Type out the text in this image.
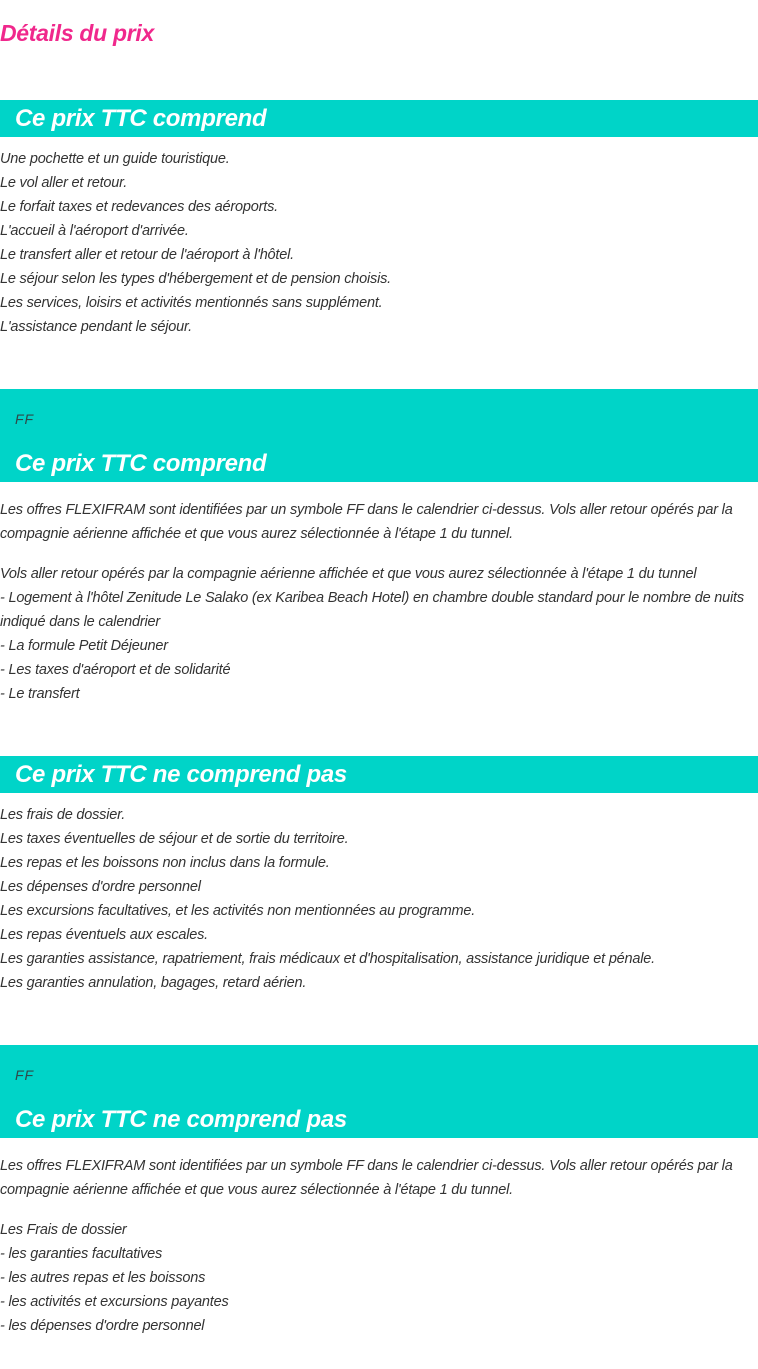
Détails du prix
Ce prix TTC comprend
Une pochette et un guide touristique.
Le vol aller et retour.
Le forfait taxes et redevances des aéroports.
L'accueil à l'aéroport d'arrivée.
Le transfert aller et retour de l'aéroport à l'hôtel.
Le séjour selon les types d'hébergement et de pension choisis.
Les services, loisirs et activités mentionnés sans supplément.
L'assistance pendant le séjour.
FF
Ce prix TTC comprend
Les offres FLEXIFRAM sont identifiées par un symbole FF dans le calendrier ci-dessus. Vols aller retour opérés par la compagnie aérienne affichée et que vous aurez sélectionnée à l'étape 1 du tunnel.
Vols aller retour opérés par la compagnie aérienne affichée et que vous aurez sélectionnée à l'étape 1 du tunnel
- Logement à l'hôtel Zenitude Le Salako (ex Karibea Beach Hotel) en chambre double standard pour le nombre de nuits indiqué dans le calendrier
- La formule Petit Déjeuner
- Les taxes d'aéroport et de solidarité
- Le transfert
Ce prix TTC ne comprend pas
Les frais de dossier.
Les taxes éventuelles de séjour et de sortie du territoire.
Les repas et les boissons non inclus dans la formule.
Les dépenses d'ordre personnel
Les excursions facultatives, et les activités non mentionnées au programme.
Les repas éventuels aux escales.
Les garanties assistance, rapatriement, frais médicaux et d'hospitalisation, assistance juridique et pénale.
Les garanties annulation, bagages, retard aérien.
FF
Ce prix TTC ne comprend pas
Les offres FLEXIFRAM sont identifiées par un symbole FF dans le calendrier ci-dessus. Vols aller retour opérés par la compagnie aérienne affichée et que vous aurez sélectionnée à l'étape 1 du tunnel.
Les Frais de dossier
- les garanties facultatives
- les autres repas et les boissons
- les activités et excursions payantes
- les dépenses d'ordre personnel
